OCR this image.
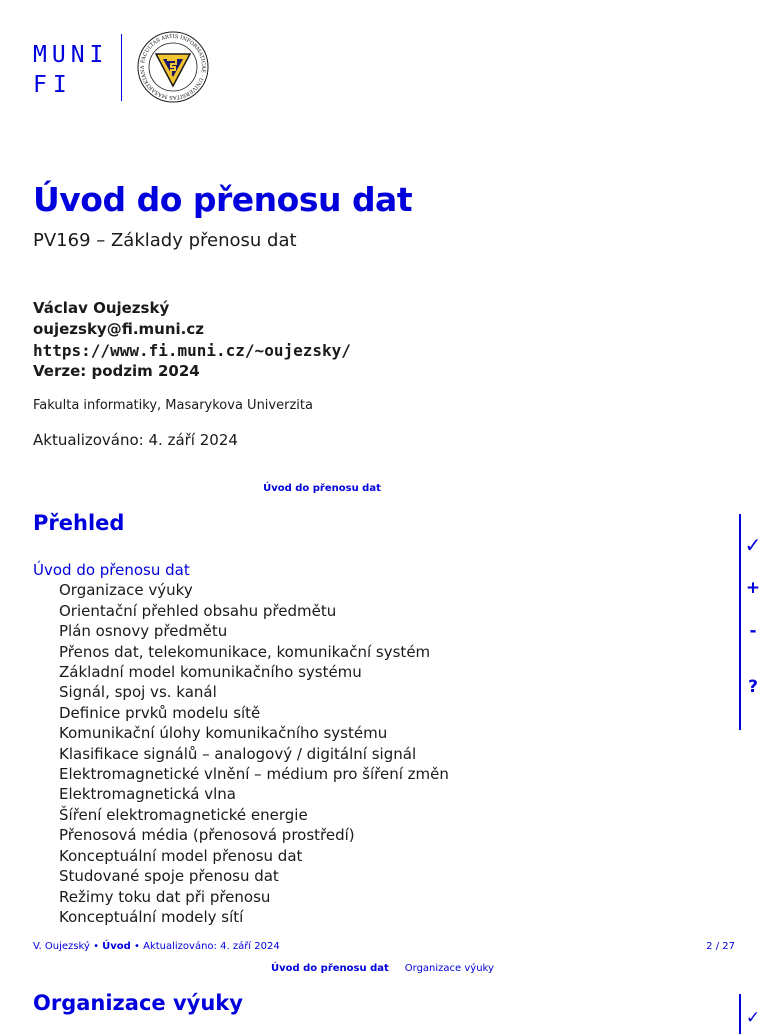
MUNI
FI
FACULTAS ARTIS INFORMATICAE · UNIVERSITAS MASARYKIANA
Úvod do přenosu dat
PV169 – Základy přenosu dat
Václav Oujezský
oujezsky@fi.muni.cz
https://www.fi.muni.cz/~oujezsky/
Verze: podzim 2024
Fakulta informatiky, Masarykova Univerzita
Aktualizováno: 4. září 2024
Úvod do přenosu dat
Přehled
Úvod do přenosu dat
Organizace výuky
Orientační přehled obsahu předmětu
Plán osnovy předmětu
Přenos dat, telekomunikace, komunikační systém
Základní model komunikačního systému
Signál, spoj vs. kanál
Definice prvků modelu sítě
Komunikační úlohy komunikačního systému
Klasifikace signálů – analogový / digitální signál
Elektromagnetické vlnění – médium pro šíření změn
Elektromagnetická vlna
Šíření elektromagnetické energie
Přenosová média (přenosová prostředí)
Konceptuální model přenosu dat
Studované spoje přenosu dat
Režimy toku dat při přenosu
Konceptuální modely sítí
✓
+
-
?
V. Oujezský • Úvod • Aktualizováno: 4. září 2024	2 / 27
Úvod do přenosu dat Organizace výuky
Organizace výuky
✓
